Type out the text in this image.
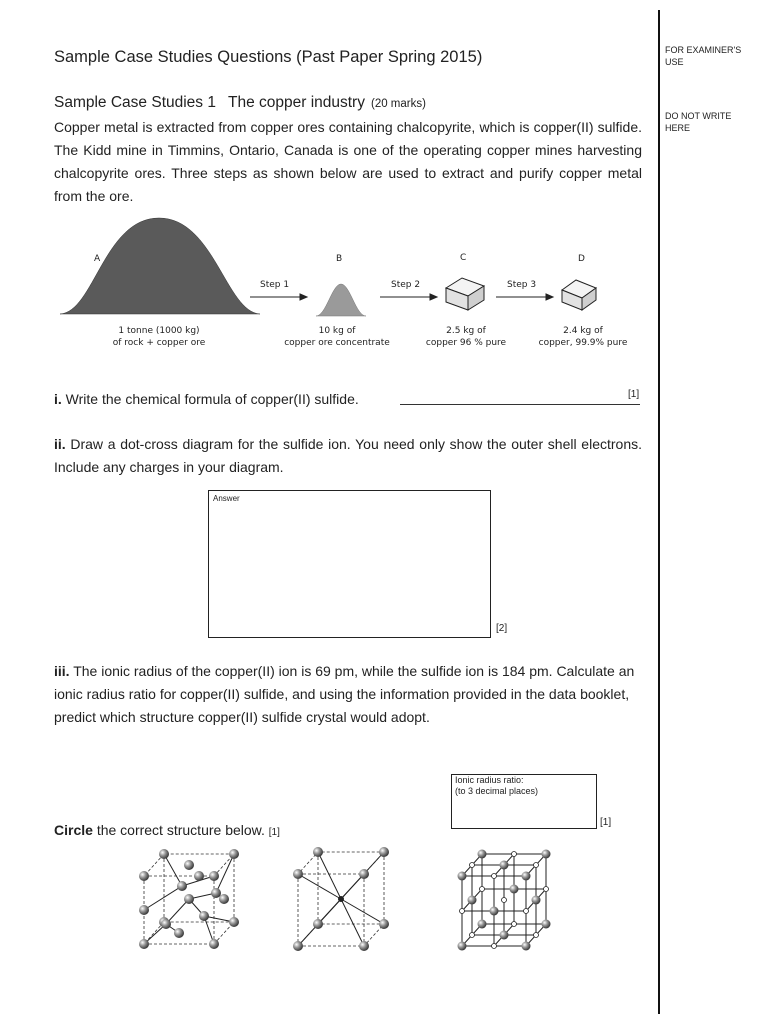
FOR EXAMINER'S USE
DO NOT WRITE HERE
Sample Case Studies Questions (Past Paper Spring 2015)
Sample Case Studies 1 The copper industry (20 marks)
Copper metal is extracted from copper ores containing chalcopyrite, which is copper(II) sulfide. The Kidd mine in Timmins, Ontario, Canada is one of the operating copper mines harvesting chalcopyrite ores. Three steps as shown below are used to extract and purify copper metal from the ore.
A	B	C	D
Step 1	Step 2	Step 3
1 tonne (1000 kg)
of rock + copper ore
10 kg of
copper ore concentrate
2.5 kg of
copper 96 % pure
2.4 kg of
copper, 99.9% pure
i. Write the chemical formula of copper(II) sulfide.	[1]
ii. Draw a dot-cross diagram for the sulfide ion. You need only show the outer shell electrons. Include any charges in your diagram.
Answer
[2]
iii. The ionic radius of the copper(II) ion is 69 pm, while the sulfide ion is 184 pm. Calculate an ionic radius ratio for copper(II) sulfide, and using the information provided in the data booklet, predict which structure copper(II) sulfide crystal would adopt.
Ionic radius ratio:
(to 3 decimal places)
[1]
Circle the correct structure below. [1]
